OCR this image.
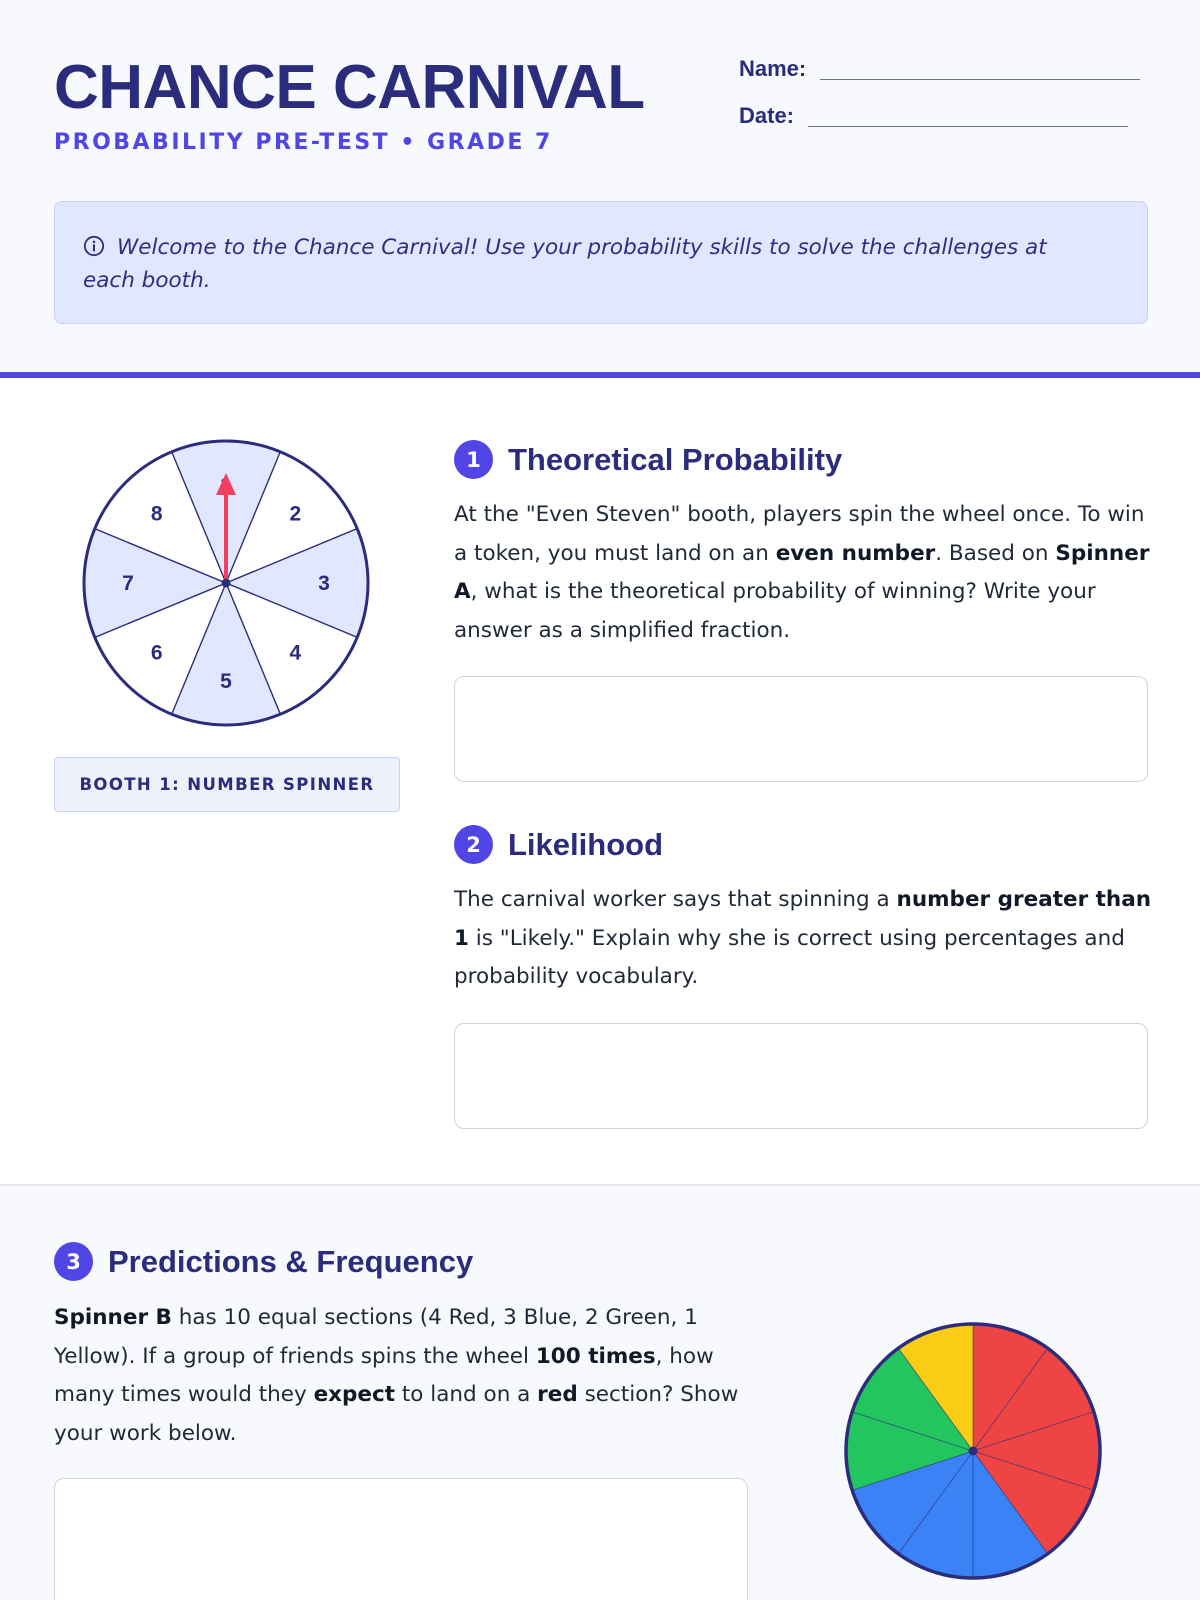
CHANCE CARNIVAL
PROBABILITY PRE-TEST • GRADE 7
Name:
Date:
Welcome to the Chance Carnival! Use your probability skills to solve the challenges at each booth.
2
3
4
5
6
7
8
BOOTH 1: NUMBER SPINNER
1 Theoretical Probability
At the "Even Steven" booth, players spin the wheel once. To win a token, you must land on an even number. Based on Spinner A, what is the theoretical probability of winning? Write your answer as a simplified fraction.
2 Likelihood
The carnival worker says that spinning a number greater than 1 is "Likely." Explain why she is correct using percentages and probability vocabulary.
3 Predictions & Frequency
Spinner B has 10 equal sections (4 Red, 3 Blue, 2 Green, 1 Yellow). If a group of friends spins the wheel 100 times, how many times would they expect to land on a red section? Show your work below.
